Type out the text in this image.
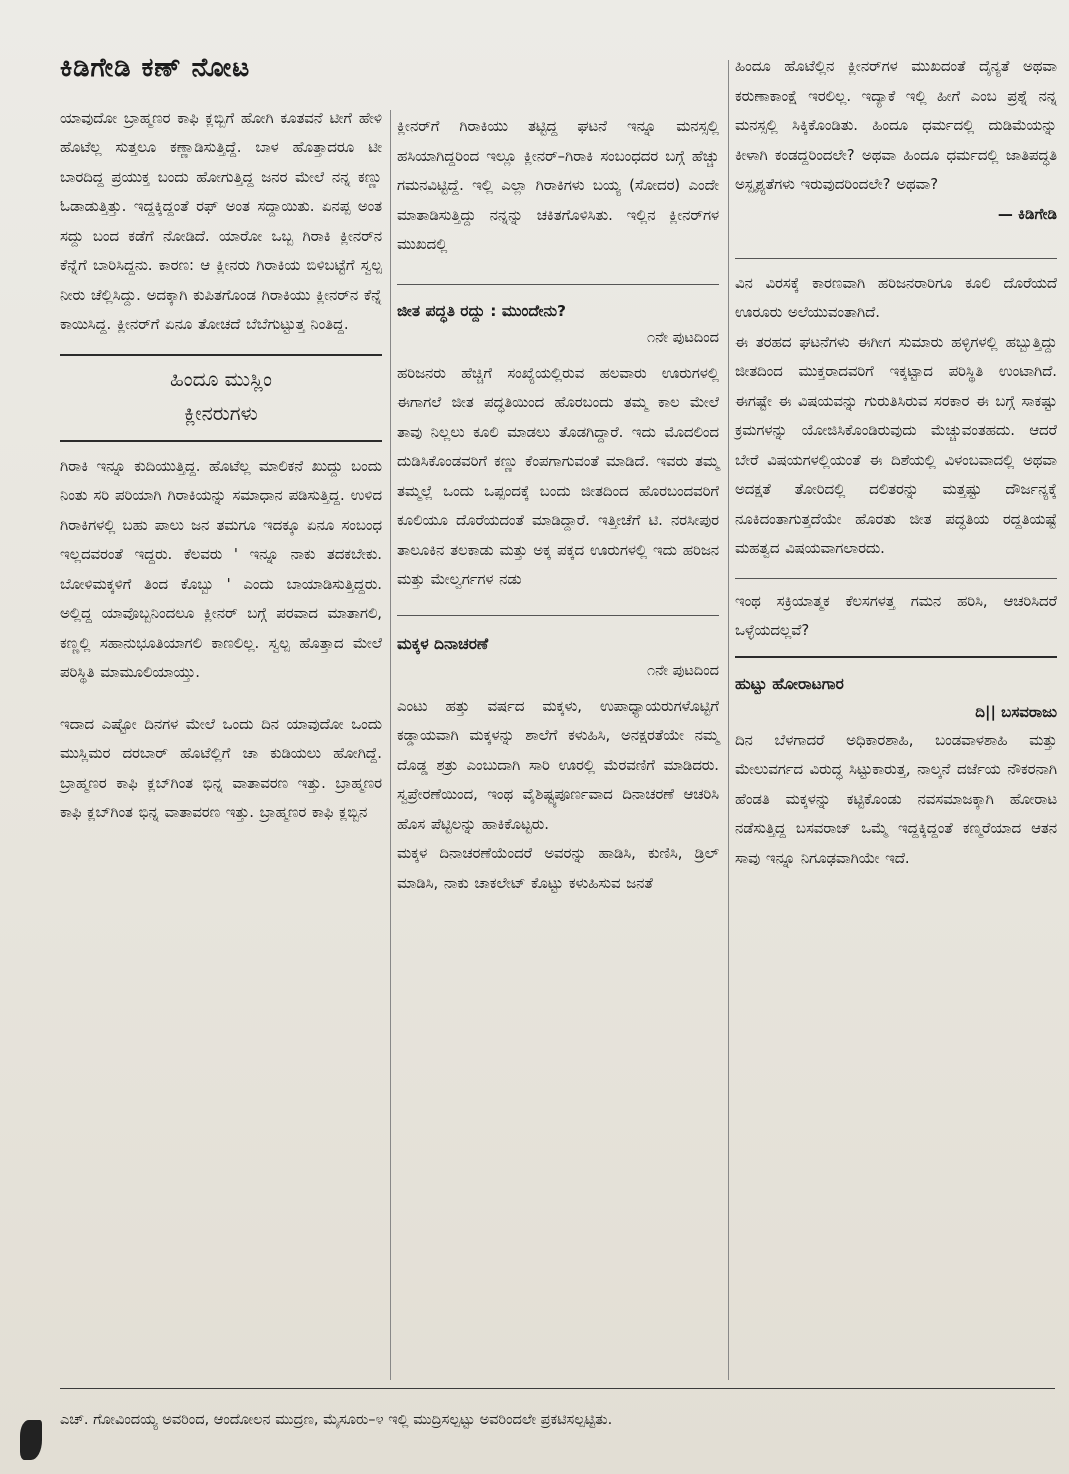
ಕಿಡಿಗೇಡಿ ಕಣ್ ನೋಟ

ಯಾವುದೋ ಬ್ರಾಹ್ಮಣರ ಕಾಫಿ ಕ್ಲಬ್ಬಿಗೆ ಹೋಗಿ ಕೂತವನೆ ಟೀಗೆ ಹೇಳಿ ಹೊಟೆಲ್ಲ ಸುತ್ತಲೂ ಕಣ್ಣಾಡಿಸುತ್ತಿದ್ದೆ. ಬಾಳ ಹೊತ್ತಾದರೂ ಟೀ ಬಾರದಿದ್ದ ಪ್ರಯುಕ್ತ ಬಂದು ಹೋಗುತ್ತಿದ್ದ ಜನರ ಮೇಲೆ ನನ್ನ ಕಣ್ಣು ಓಡಾಡುತ್ತಿತ್ತು. ಇದ್ದಕ್ಕಿದ್ದಂತೆ ರಫ್ ಅಂತ ಸದ್ದಾಯಿತು. ಏನಪ್ಪ ಅಂತ ಸದ್ದು ಬಂದ ಕಡೆಗೆ ನೋಡಿದೆ. ಯಾರೋ ಒಬ್ಬ ಗಿರಾಕಿ ಕ್ಲೀನರ್‌ನ ಕೆನ್ನೆಗೆ ಬಾರಿಸಿದ್ದನು. ಕಾರಣ: ಆ ಕ್ಲೀನರು ಗಿರಾಕಿಯ ಬಿಳಿಬಟ್ಟೆಗೆ ಸ್ವಲ್ಪ ನೀರು ಚೆಲ್ಲಿಸಿದ್ದು. ಅದಕ್ಕಾಗಿ ಕುಪಿತಗೊಂಡ ಗಿರಾಕಿಯು ಕ್ಲೀನರ್‌ನ ಕೆನ್ನೆ ಕಾಯಿಸಿದ್ದ. ಕ್ಲೀನರ್‌ಗೆ ಏನೂ ತೋಚದೆ ಬೆಬೆಗುಟ್ಟುತ್ತ ನಿಂತಿದ್ದ.

ಹಿಂದೂ ಮುಸ್ಲಿಂ
ಕ್ಲೀನರುಗಳು

ಗಿರಾಕಿ ಇನ್ನೂ ಕುದಿಯುತ್ತಿದ್ದ. ಹೊಟೆಲ್ಲ ಮಾಲಿಕನೆ ಖುದ್ದು ಬಂದು ನಿಂತು ಸರಿ ಪರಿಯಾಗಿ ಗಿರಾಕಿಯನ್ನು ಸಮಾಧಾನ ಪಡಿಸುತ್ತಿದ್ದ. ಉಳಿದ ಗಿರಾಕಿಗಳಲ್ಲಿ ಬಹು ಪಾಲು ಜನ ತಮಗೂ ಇದಕ್ಕೂ ಏನೂ ಸಂಬಂಧ ಇಲ್ಲದವರಂತೆ ಇದ್ದರು. ಕೆಲವರು ' ಇನ್ನೂ ನಾಕು ತದಕಬೇಕು. ಬೋಳಿಮಕ್ಕಳಿಗೆ ತಿಂದ ಕೊಬ್ಬು ' ಎಂದು ಬಾಯಾಡಿಸುತ್ತಿದ್ದರು. ಅಲ್ಲಿದ್ದ ಯಾವೊಬ್ಬನಿಂದಲೂ ಕ್ಲೀನರ್ ಬಗ್ಗೆ ಪರವಾದ ಮಾತಾಗಲಿ, ಕಣ್ಣಲ್ಲಿ ಸಹಾನುಭೂತಿಯಾಗಲಿ ಕಾಣಲಿಲ್ಲ. ಸ್ವಲ್ಪ ಹೊತ್ತಾದ ಮೇಲೆ ಪರಿಸ್ಥಿತಿ ಮಾಮೂಲಿಯಾಯ್ತು.

ಇದಾದ ಎಷ್ಟೋ ದಿನಗಳ ಮೇಲೆ ಒಂದು ದಿನ ಯಾವುದೋ ಒಂದು ಮುಸ್ಲಿಮರ ದರಬಾರ್ ಹೊಟೆಲ್ಲಿಗೆ ಚಾ ಕುಡಿಯಲು ಹೋಗಿದ್ದೆ. ಬ್ರಾಹ್ಮಣರ ಕಾಫಿ ಕ್ಲಬ್‌ಗಿಂತ ಭಿನ್ನ ವಾತಾವರಣ ಇತ್ತು. ಬ್ರಾಹ್ಮಣರ ಕಾಫಿ ಕ್ಲಬ್‌ಗಿಂತ ಭಿನ್ನ ವಾತಾವರಣ ಇತ್ತು. ಬ್ರಾಹ್ಮಣರ ಕಾಫಿ ಕ್ಲಬ್ಬಿನ

ಕ್ಲೀನರ್‌ಗೆ ಗಿರಾಕಿಯು ತಟ್ಟಿದ್ದ ಘಟನೆ ಇನ್ನೂ ಮನಸ್ಸಲ್ಲಿ ಹಸಿಯಾಗಿದ್ದರಿಂದ ಇಲ್ಲೂ ಕ್ಲೀನರ್–ಗಿರಾಕಿ ಸಂಬಂಧದರ ಬಗ್ಗೆ ಹೆಚ್ಚು ಗಮನವಿಟ್ಟಿದ್ದೆ. ಇಲ್ಲಿ ಎಲ್ಲಾ ಗಿರಾಕಿಗಳು ಬಯ್ಯ (ಸೋದರ) ಎಂದೇ ಮಾತಾಡಿಸುತ್ತಿದ್ದು ನನ್ನನ್ನು ಚಕಿತಗೊಳಿಸಿತು. ಇಲ್ಲಿನ ಕ್ಲೀನರ್‌ಗಳ ಮುಖದಲ್ಲಿ

ಜೀತ ಪದ್ಧತಿ ರದ್ದು : ಮುಂದೇನು?
೧ನೇ ಪುಟದಿಂದ

ಹರಿಜನರು ಹೆಚ್ಚಿಗೆ ಸಂಖ್ಯೆಯಲ್ಲಿರುವ ಹಲವಾರು ಊರುಗಳಲ್ಲಿ ಈಗಾಗಲೆ ಜೀತ ಪದ್ಧತಿಯಿಂದ ಹೊರಬಂದು ತಮ್ಮ ಕಾಲ ಮೇಲೆ ತಾವು ನಿಲ್ಲಲು ಕೂಲಿ ಮಾಡಲು ತೊಡಗಿದ್ದಾರೆ. ಇದು ಮೊದಲಿಂದ ದುಡಿಸಿಕೊಂಡವರಿಗೆ ಕಣ್ಣು ಕೆಂಪಗಾಗುವಂತೆ ಮಾಡಿದೆ. ಇವರು ತಮ್ಮ ತಮ್ಮಲ್ಲೆ ಒಂದು ಒಪ್ಪಂದಕ್ಕೆ ಬಂದು ಜೀತದಿಂದ ಹೊರಬಂದವರಿಗೆ ಕೂಲಿಯೂ ದೊರೆಯದಂತೆ ಮಾಡಿದ್ದಾರೆ. ಇತ್ತೀಚೆಗೆ ಟಿ. ನರಸೀಪುರ ತಾಲೂಕಿನ ತಲಕಾಡು ಮತ್ತು ಅಕ್ಕ ಪಕ್ಕದ ಊರುಗಳಲ್ಲಿ ಇದು ಹರಿಜನ ಮತ್ತು ಮೇಲ್ವರ್ಗಗಳ ನಡು

ಮಕ್ಕಳ ದಿನಾಚರಣೆ
೧ನೇ ಪುಟದಿಂದ

ಎಂಟು ಹತ್ತು ವರ್ಷದ ಮಕ್ಕಳು, ಉಪಾಧ್ಯಾಯರುಗಳೊಟ್ಟಿಗೆ ಕಡ್ಡಾಯವಾಗಿ ಮಕ್ಕಳನ್ನು ಶಾಲೆಗೆ ಕಳುಹಿಸಿ, ಅನಕ್ಷರತೆಯೇ ನಮ್ಮ ದೊಡ್ಡ ಶತ್ರು ಎಂಬುದಾಗಿ ಸಾರಿ ಊರಲ್ಲಿ ಮೆರವಣಿಗೆ ಮಾಡಿದರು. ಸ್ವಪ್ರೇರಣೆಯಿಂದ, ಇಂಥ ವೈಶಿಷ್ಟ್ಯಪೂರ್ಣವಾದ ದಿನಾಚರಣೆ ಆಚರಿಸಿ ಹೊಸ ಪೆಟ್ಟಿಲನ್ನು ಹಾಕಿಕೊಟ್ಟರು.

ಮಕ್ಕಳ ದಿನಾಚರಣೆಯೆಂದರೆ ಅವರನ್ನು ಹಾಡಿಸಿ, ಕುಣಿಸಿ, ಡ್ರಿಲ್ ಮಾಡಿಸಿ, ನಾಕು ಚಾಕಲೇಟ್ ಕೊಟ್ಟು ಕಳುಹಿಸುವ ಜನತೆ

ಹಿಂದೂ ಹೊಟೆಲ್ಲಿನ ಕ್ಲೀನರ್‌ಗಳ ಮುಖದಂತೆ ದೈನ್ಯತೆ ಅಥವಾ ಕರುಣಾಕಾಂಕ್ಷೆ ಇರಲಿಲ್ಲ. ಇದ್ಯಾಕೆ ಇಲ್ಲಿ ಹೀಗೆ ಎಂಬ ಪ್ರಶ್ನೆ ನನ್ನ ಮನಸ್ಸಲ್ಲಿ ಸಿಕ್ಕಿಕೊಂಡಿತು. ಹಿಂದೂ ಧರ್ಮದಲ್ಲಿ ದುಡಿಮೆಯನ್ನು ಕೀಳಾಗಿ ಕಂಡದ್ದರಿಂದಲೇ? ಅಥವಾ ಹಿಂದೂ ಧರ್ಮದಲ್ಲಿ ಜಾತಿಪದ್ಧತಿ ಅಸ್ಪೃಶ್ಯತೆಗಳು ಇರುವುದರಿಂದಲೇ? ಅಥವಾ?

— ಕಿಡಿಗೇಡಿ

ವಿನ ವಿರಸಕ್ಕೆ ಕಾರಣವಾಗಿ ಹರಿಜನರಾರಿಗೂ ಕೂಲಿ ದೊರೆಯದೆ ಊರೂರು ಅಲೆಯುವಂತಾಗಿದೆ.

ಈ ತರಹದ ಘಟನೆಗಳು ಈಗೀಗ ಸುಮಾರು ಹಳ್ಳಿಗಳಲ್ಲಿ ಹಬ್ಬುತ್ತಿದ್ದು ಜೀತದಿಂದ ಮುಕ್ತರಾದವರಿಗೆ ಇಕ್ಕಟ್ಟಾದ ಪರಿಸ್ಥಿತಿ ಉಂಟಾಗಿದೆ. ಈಗಷ್ಟೇ ಈ ವಿಷಯವನ್ನು ಗುರುತಿಸಿರುವ ಸರಕಾರ ಈ ಬಗ್ಗೆ ಸಾಕಷ್ಟು ಕ್ರಮಗಳನ್ನು ಯೋಜಿಸಿಕೊಂಡಿರುವುದು ಮೆಚ್ಚುವಂತಹದು. ಆದರೆ ಬೇರೆ ವಿಷಯಗಳಲ್ಲಿಯಂತೆ ಈ ದಿಶೆಯಲ್ಲಿ ವಿಳಂಬವಾದಲ್ಲಿ ಅಥವಾ ಅದಕ್ಷತೆ ತೋರಿದಲ್ಲಿ ದಲಿತರನ್ನು ಮತ್ತಷ್ಟು ದೌರ್ಜನ್ಯಕ್ಕೆ ನೂಕಿದಂತಾಗುತ್ತದೆಯೇ ಹೊರತು ಜೀತ ಪದ್ಧತಿಯ ರದ್ದತಿಯಷ್ಟೆ ಮಹತ್ವದ ವಿಷಯವಾಗಲಾರದು.

ಇಂಥ ಸಕ್ರಿಯಾತ್ಮಕ ಕೆಲಸಗಳತ್ತ ಗಮನ ಹರಿಸಿ, ಆಚರಿಸಿದರೆ ಒಳ್ಳೆಯದಲ್ಲವೆ?

ಹುಟ್ಟು ಹೋರಾಟಗಾರ
ದಿ|| ಬಸವರಾಜು

ದಿನ ಬೆಳಗಾದರೆ ಅಧಿಕಾರಶಾಹಿ, ಬಂಡವಾಳಶಾಹಿ ಮತ್ತು ಮೇಲುವರ್ಗದ ವಿರುದ್ಧ ಸಿಟ್ಟುಕಾರುತ್ತ, ನಾಲ್ಕನೆ ದರ್ಜೆಯ ನೌಕರನಾಗಿ ಹೆಂಡತಿ ಮಕ್ಕಳನ್ನು ಕಟ್ಟಿಕೊಂಡು ನವಸಮಾಜಕ್ಕಾಗಿ ಹೋರಾಟ ನಡೆಸುತ್ತಿದ್ದ ಬಸವರಾಜ್ ಒಮ್ಮೆ ಇದ್ದಕ್ಕಿದ್ದಂತೆ ಕಣ್ಮರೆಯಾದ ಆತನ ಸಾವು ಇನ್ನೂ ನಿಗೂಢವಾಗಿಯೇ ಇದೆ.

ಎಚ್. ಗೋವಿಂದಯ್ಯ ಅವರಿಂದ, ಆಂದೋಲನ ಮುದ್ರಣ, ಮೈಸೂರು–೪ ಇಲ್ಲಿ ಮುದ್ರಿಸಲ್ಪಟ್ಟು ಅವರಿಂದಲೇ ಪ್ರಕಟಿಸಲ್ಪಟ್ಟಿತು.
